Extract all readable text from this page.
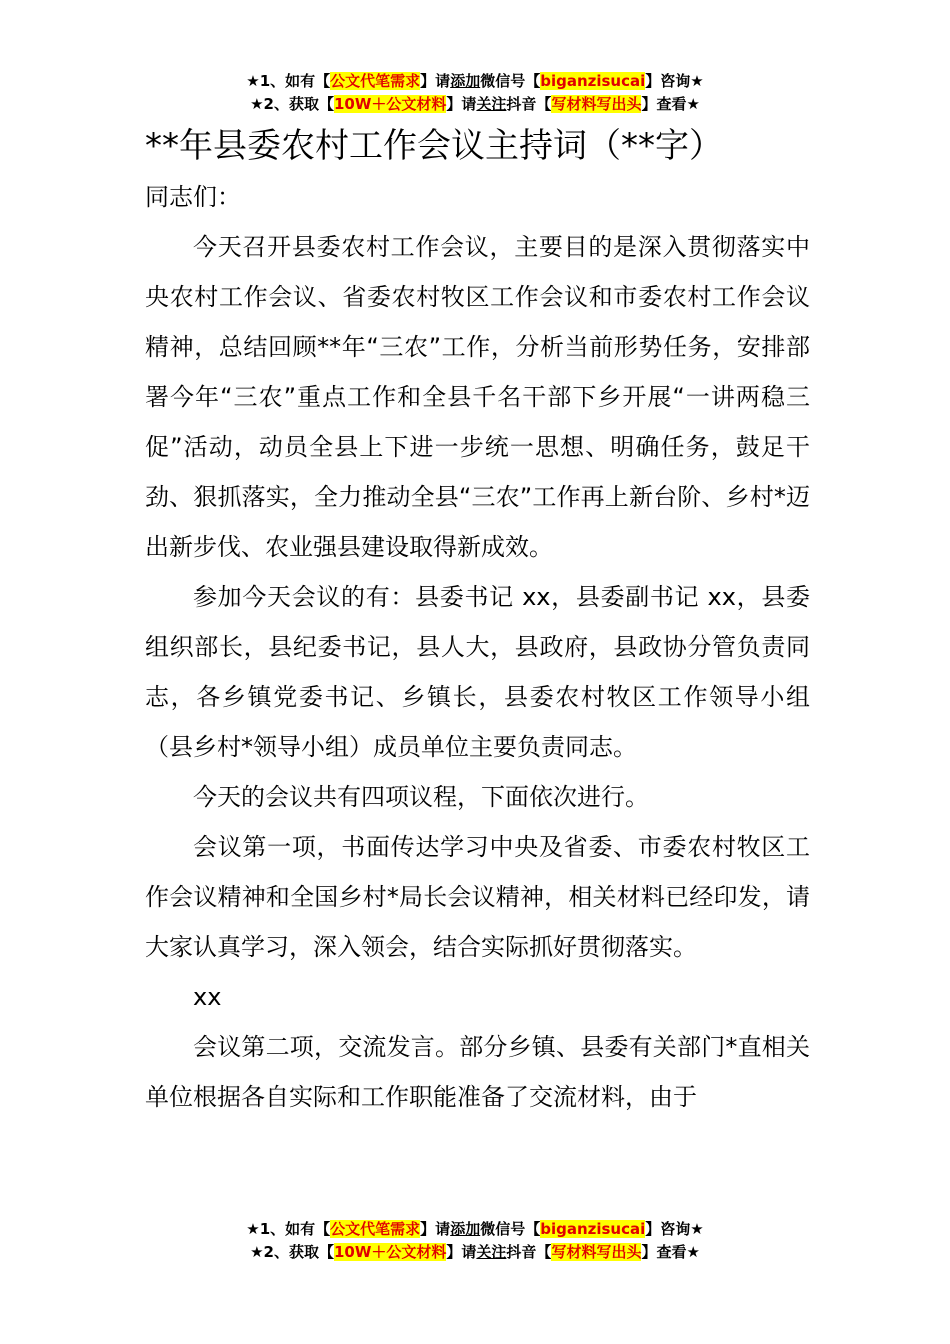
★1、如有【公文代笔需求】请添加微信号【biganzisucai】咨询★
★2、获取【10W＋公文材料】请关注抖音【写材料写出头】查看★
**年县委农村工作会议主持词（**字）

同志们：

今天召开县委农村工作会议，主要目的是深入贯彻落实中央农村工作会议、省委农村牧区工作会议和市委农村工作会议精神，总结回顾**年“三农”工作，分析当前形势任务，安排部署今年“三农”重点工作和全县千名干部下乡开展“一讲两稳三促”活动，动员全县上下进一步统一思想、明确任务，鼓足干劲、狠抓落实，全力推动全县“三农”工作再上新台阶、乡村*迈出新步伐、农业强县建设取得新成效。

参加今天会议的有：县委书记 xx，县委副书记 xx，县委组织部长，县纪委书记，县人大，县政府，县政协分管负责同志，各乡镇党委书记、乡镇长，县委农村牧区工作领导小组（县乡村*领导小组）成员单位主要负责同志。

今天的会议共有四项议程，下面依次进行。

会议第一项，书面传达学习中央及省委、市委农村牧区工作会议精神和全国乡村*局长会议精神，相关材料已经印发，请大家认真学习，深入领会，结合实际抓好贯彻落实。

xx

会议第二项，交流发言。部分乡镇、县委有关部门*直相关单位根据各自实际和工作职能准备了交流材料，由于

★1、如有【公文代笔需求】请添加微信号【biganzisucai】咨询★
★2、获取【10W＋公文材料】请关注抖音【写材料写出头】查看★
